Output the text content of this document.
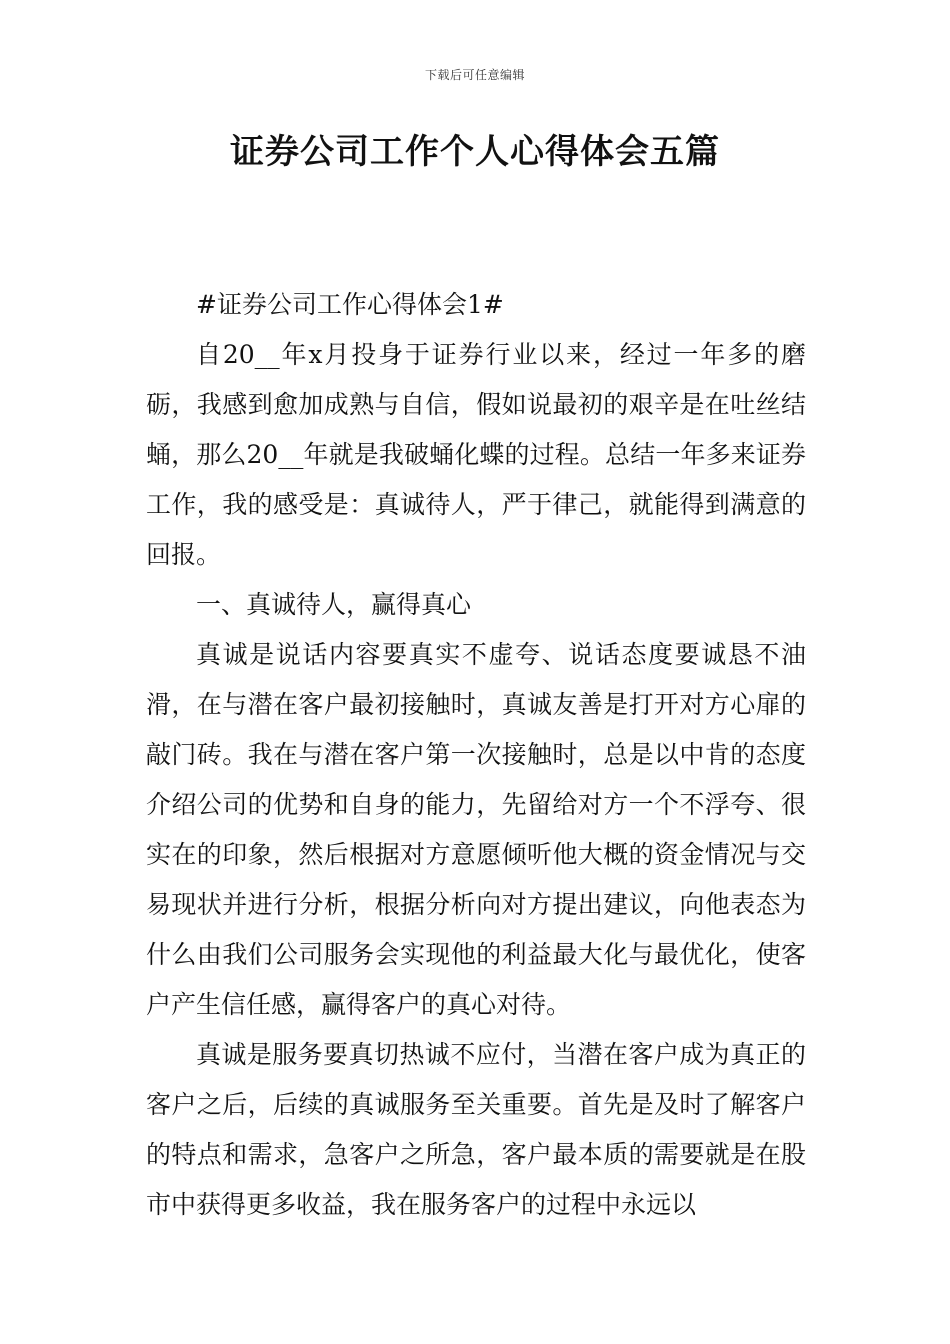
下载后可任意编辑
证券公司工作个人心得体会五篇

#证券公司工作心得体会1#

自20__年x月投身于证券行业以来，经过一年多的磨砺，我感到愈加成熟与自信，假如说最初的艰辛是在吐丝结蛹，那么20__年就是我破蛹化蝶的过程。总结一年多来证券工作，我的感受是：真诚待人，严于律己，就能得到满意的回报。

一、真诚待人，赢得真心

真诚是说话内容要真实不虚夸、说话态度要诚恳不油滑，在与潜在客户最初接触时，真诚友善是打开对方心扉的敲门砖。我在与潜在客户第一次接触时，总是以中肯的态度介绍公司的优势和自身的能力，先留给对方一个不浮夸、很实在的印象，然后根据对方意愿倾听他大概的资金情况与交易现状并进行分析，根据分析向对方提出建议，向他表态为什么由我们公司服务会实现他的利益最大化与最优化，使客户产生信任感，赢得客户的真心对待。

真诚是服务要真切热诚不应付，当潜在客户成为真正的客户之后，后续的真诚服务至关重要。首先是及时了解客户的特点和需求，急客户之所急，客户最本质的需要就是在股市中获得更多收益，我在服务客户的过程中永远以
